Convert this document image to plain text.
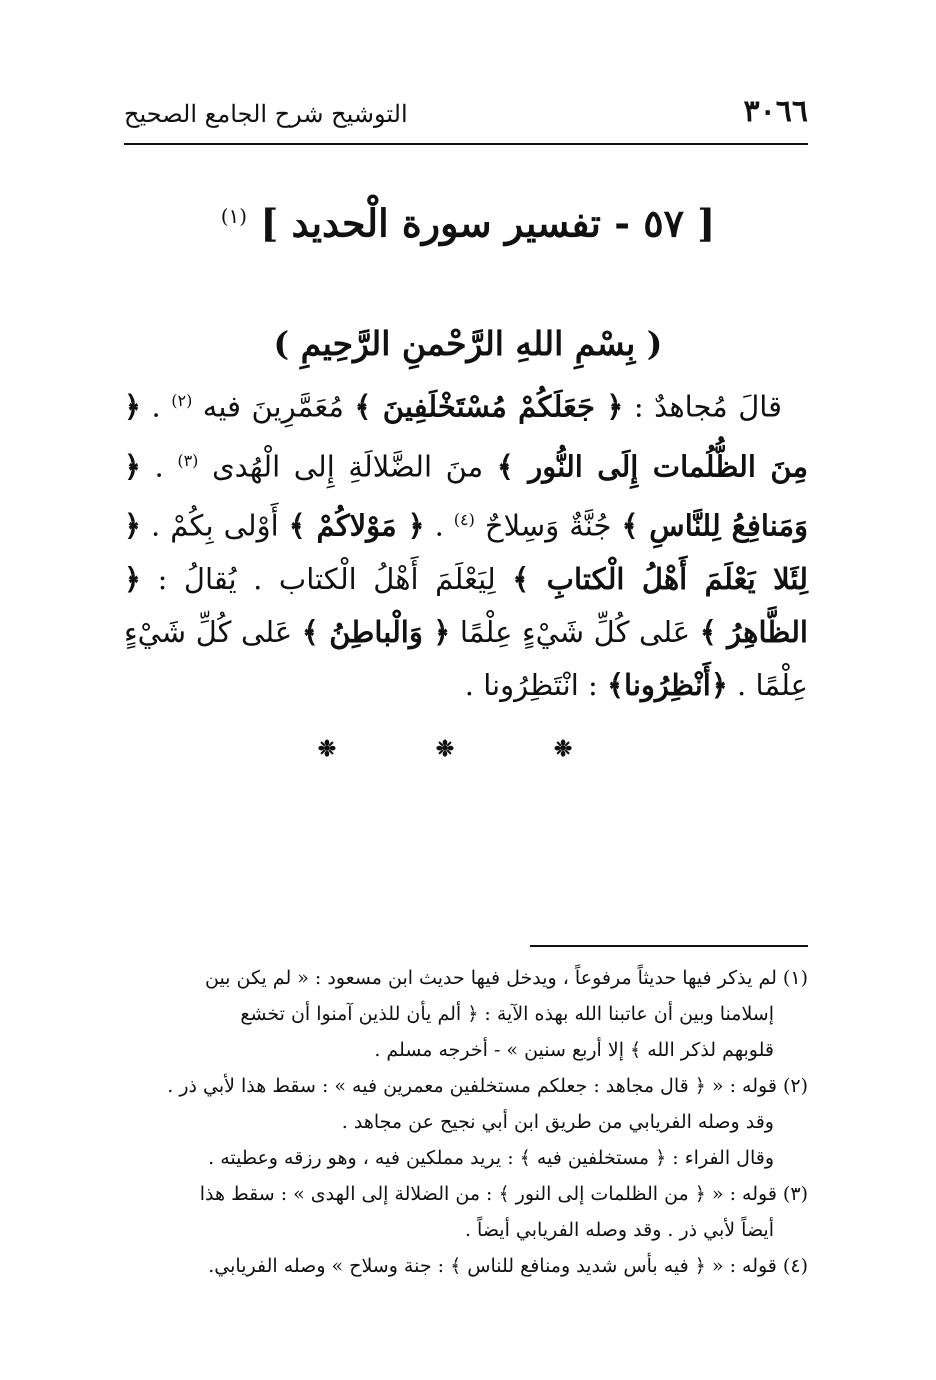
٣٠٦٦
التوشيح شرح الجامع الصحيح
[ ٥٧ - تفسير سورة الْحديد ] $^{(١)}$
( بِسْمِ اللهِ الرَّحْمنِ الرَّحِيمِ )

قالَ مُجاهدٌ : ﴿ جَعَلَكُمْ مُسْتَخْلَفِينَ ﴾ مُعَمَّرِينَ فيه $^{(٢)}$ . ﴿ مِنَ الظُّلُمات إِلَى النُّور ﴾ منَ الضَّلالَةِ إِلى الْهُدى $^{(٣)}$ . ﴿ وَمَنافِعُ لِلنَّاسِ ﴾ جُنَّةٌ وَسِلاحٌ $^{(٤)}$ . ﴿ مَوْلاكُمْ ﴾ أَوْلى بِكُمْ . ﴿ لِئَلا يَعْلَمَ أَهْلُ الْكتابِ ﴾ لِيَعْلَمَ أَهْلُ الْكتاب . يُقالُ : ﴿ الظَّاهِرُ ﴾ عَلى كُلِّ شَيْءٍ عِلْمًا ﴿ وَالْباطِنُ ﴾ عَلى كُلِّ شَيْءٍ عِلْمًا . ﴿أَنْظِرُونا﴾ : انْتَظِرُونا .

❉ ❉ ❉

(١) لم يذكر فيها حديثاً مرفوعاً ، ويدخل فيها حديث ابن مسعود : « لم يكن بين

إسلامنا وبين أن عاتبنا الله بهذه الآية : ﴿ ألم يأن للذين آمنوا أن تخشع

قلوبهم لذكر الله ﴾ إلا أربع سنين » - أخرجه مسلم .

(٢) قوله : « ﴿ قال مجاهد : جعلكم مستخلفين معمرين فيه » : سقط هذا لأبي ذر .

وقد وصله الفريابي من طريق ابن أبي نجيح عن مجاهد .

وقال الفراء : ﴿ مستخلفين فيه ﴾ : يريد مملكين فيه ، وهو رزقه وعطيته .

(٣) قوله : « ﴿ من الظلمات إلى النور ﴾ : من الضلالة إلى الهدى » : سقط هذا

أيضاً لأبي ذر . وقد وصله الفريابي أيضاً .

(٤) قوله : « ﴿ فيه بأس شديد ومنافع للناس ﴾ : جنة وسلاح » وصله الفريابي.
